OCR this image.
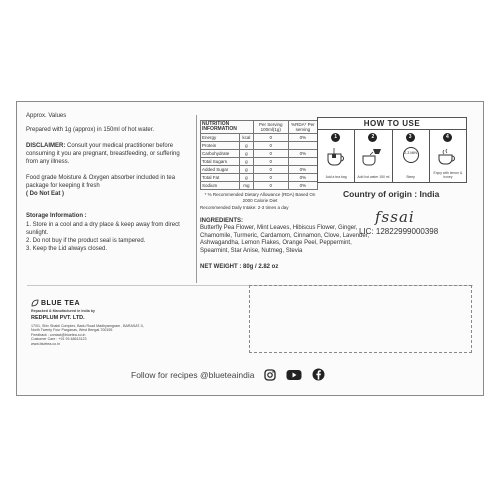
Approx. Values

Prepared with 1g (approx) in 150ml of hot water.

DISCLAIMER: Consult your medical practitioner before consuming it you are pregnant, breastfeeding, or suffering from any illness.

Food grade Moisture & Oxygen absorber included in tea package for keeping it fresh
( Do Not Eat )

Storage Information :

1. Store in a cool and a dry place & keep away from direct sunlight.

2. Do not buy if the product seal is tampered.

3. Keep the Lid always closed.

NUTRITION INFORMATION		Per Serving 100ml(1g)	%RDA* Per serving
Energy	kcal	0	0%
Protein	g	0	
Carbohydrate	g	0	0%
Total Sugars	g	0	
Added Sugar	g	0	0%
Total Fat	g	0	0%
Sodium	mg	0	0%
* % Recommended Dietary Allowance (RDA) Based On 2000 Calorie Diet
Recommended Daily Intake: 2-3 times a day
INGREDIENTS:
Butterfly Pea Flower, Mint Leaves, Hibiscus Flower, Ginger, Chamomile, Turmeric, Cardamom, Cinnamon, Clove, Lavender, Ashwagandha, Lemon Flakes, Orange Peel, Peppermint, Spearmint, Star Anise, Nutmeg, Stevia
NET WEIGHT : 80g / 2.82 oz
HOW TO USE
1
Add a tea bag
2
Add hot water 150 ml
3
2-3 MIN
Steep
4
Enjoy with lemon & honey
Country of origin : India
fssai
LIC: 12822999000398
BLUE TEA
Repacked & Manufactured in India by
REDPLUM PVT. LTD.
17/01, Shiv Shakti Complex, Badu Road Madhyamgram , BARASAT-II,
North Twenty Four Parganas, West Bengal-700155
Feedback : contact@bluetea.co.in
Customer Care : +91 93 48613123
www.bluetea.co.in
Follow for recipes @blueteaindia
